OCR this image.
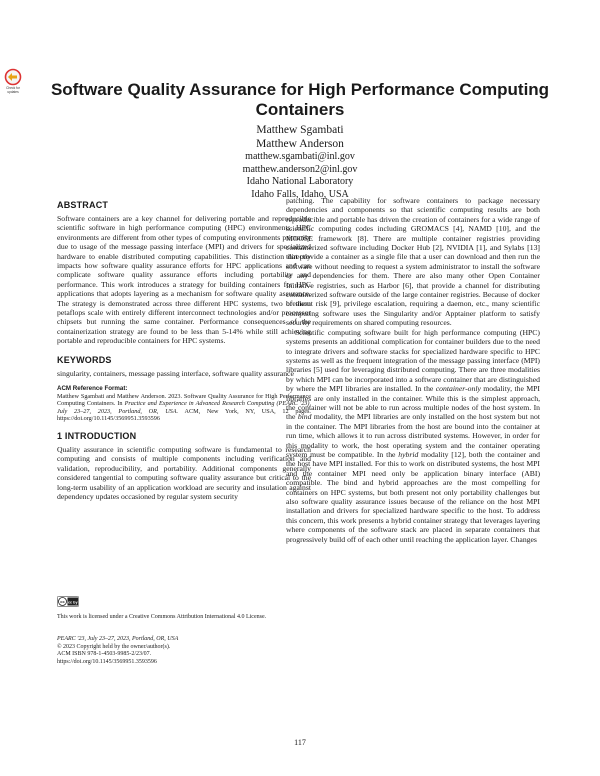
Check for
updates	Software Quality Assurance for High Performance Computing Containers
Matthew Sgambati
Matthew Anderson
matthew.sgambati@inl.gov
matthew.anderson2@inl.gov
Idaho National Laboratory
Idaho Falls, Idaho, USA
ABSTRACT

Software containers are a key channel for delivering portable and reproducible scientific software in high performance computing (HPC) environments. HPC environments are different from other types of computing environments primarily due to usage of the message passing interface (MPI) and drivers for specialized hardware to enable distributed computing capabilities. This distinction directly impacts how software quality assurance efforts for HPC applications and can complicate software quality assurance efforts including portability and performance. This work introduces a strategy for building containers for HPC applications that adopts layering as a mechanism for software quality assurance. The strategy is demonstrated across three different HPC systems, two of them petaflops scale with entirely different interconnect technologies and/or processor chipsets but running the same container. Performance consequences of the containerization strategy are found to be less than 5-14% while still achieving portable and reproducible containers for HPC systems.

KEYWORDS

singularity, containers, message passing interface, software quality assurance

ACM Reference Format:
Matthew Sgambati and Matthew Anderson. 2023. Software Quality Assurance for High Performance Computing Containers. In Practice and Experience in Advanced Research Computing (PEARC '23), July 23–27, 2023, Portland, OR, USA. ACM, New York, NY, USA, 12 pages. https://doi.org/10.1145/3569951.3593596
1 INTRODUCTION

Quality assurance in scientific computing software is fundamental to research computing and consists of multiple components including verification and validation, reproducibility, and portability. Additional components generally considered tangential to computing software quality assurance but critical to the long-term usability of an application workload are security and insulation against dependency updates occasioned by regular system security

cc cc by
This work is licensed under a Creative Commons Attribution International 4.0 License.
PEARC '23, July 23–27, 2023, Portland, OR, USA
© 2023 Copyright held by the owner/author(s).
ACM ISBN 978-1-4503-9985-2/23/07.
https://doi.org/10.1145/3569951.3593596

patching. The capability for software containers to package necessary dependencies and components so that scientific computing results are both reproducible and portable has driven the creation of containers for a wide range of scientific computing codes including GROMACS [4], NAMD [10], and the MOOSE framework [8]. There are multiple container registries providing containerized software including Docker Hub [2], NVIDIA [1], and Sylabs [13] that provide a container as a single file that a user can download and then run the software without needing to request a system administrator to install the software or any dependencies for them. There are also many other Open Container Initiative registries, such as Harbor [6], that provide a channel for distributing containerized software outside of the large container registries. Because of docker breakout risk [9], privilege escalation, requiring a daemon, etc., many scientific computing software uses the Singularity and/or Apptainer platform to satisfy security requirements on shared computing resources.

Scientific computing software built for high performance computing (HPC) systems presents an additional complication for container builders due to the need to integrate drivers and software stacks for specialized hardware specific to HPC systems as well as the frequent integration of the message passing interface (MPI) libraries [5] used for leveraging distributed computing. There are three modalities by which MPI can be incorporated into a software container that are distinguished by where the MPI libraries are installed. In the container-only modality, the MPI libraries are only installed in the container. While this is the simplest approach, the container will not be able to run across multiple nodes of the host system. In the bind modality, the MPI libraries are only installed on the host system but not in the container. The MPI libraries from the host are bound into the container at run time, which allows it to run across distributed systems. However, in order for this modality to work, the host operating system and the container operating system must be compatible. In the hybrid modality [12], both the container and the host have MPI installed. For this to work on distributed systems, the host MPI and the container MPI need only be application binary interface (ABI) compatible. The bind and hybrid approaches are the most compelling for containers on HPC systems, but both present not only portability challenges but also software quality assurance issues because of the reliance on the host MPI installation and drivers for specialized hardware specific to the host. To address this concern, this work presents a hybrid container strategy that leverages layering where components of the software stack are placed in separate containers that progressively build off of each other until reaching the application layer. Changes

117
